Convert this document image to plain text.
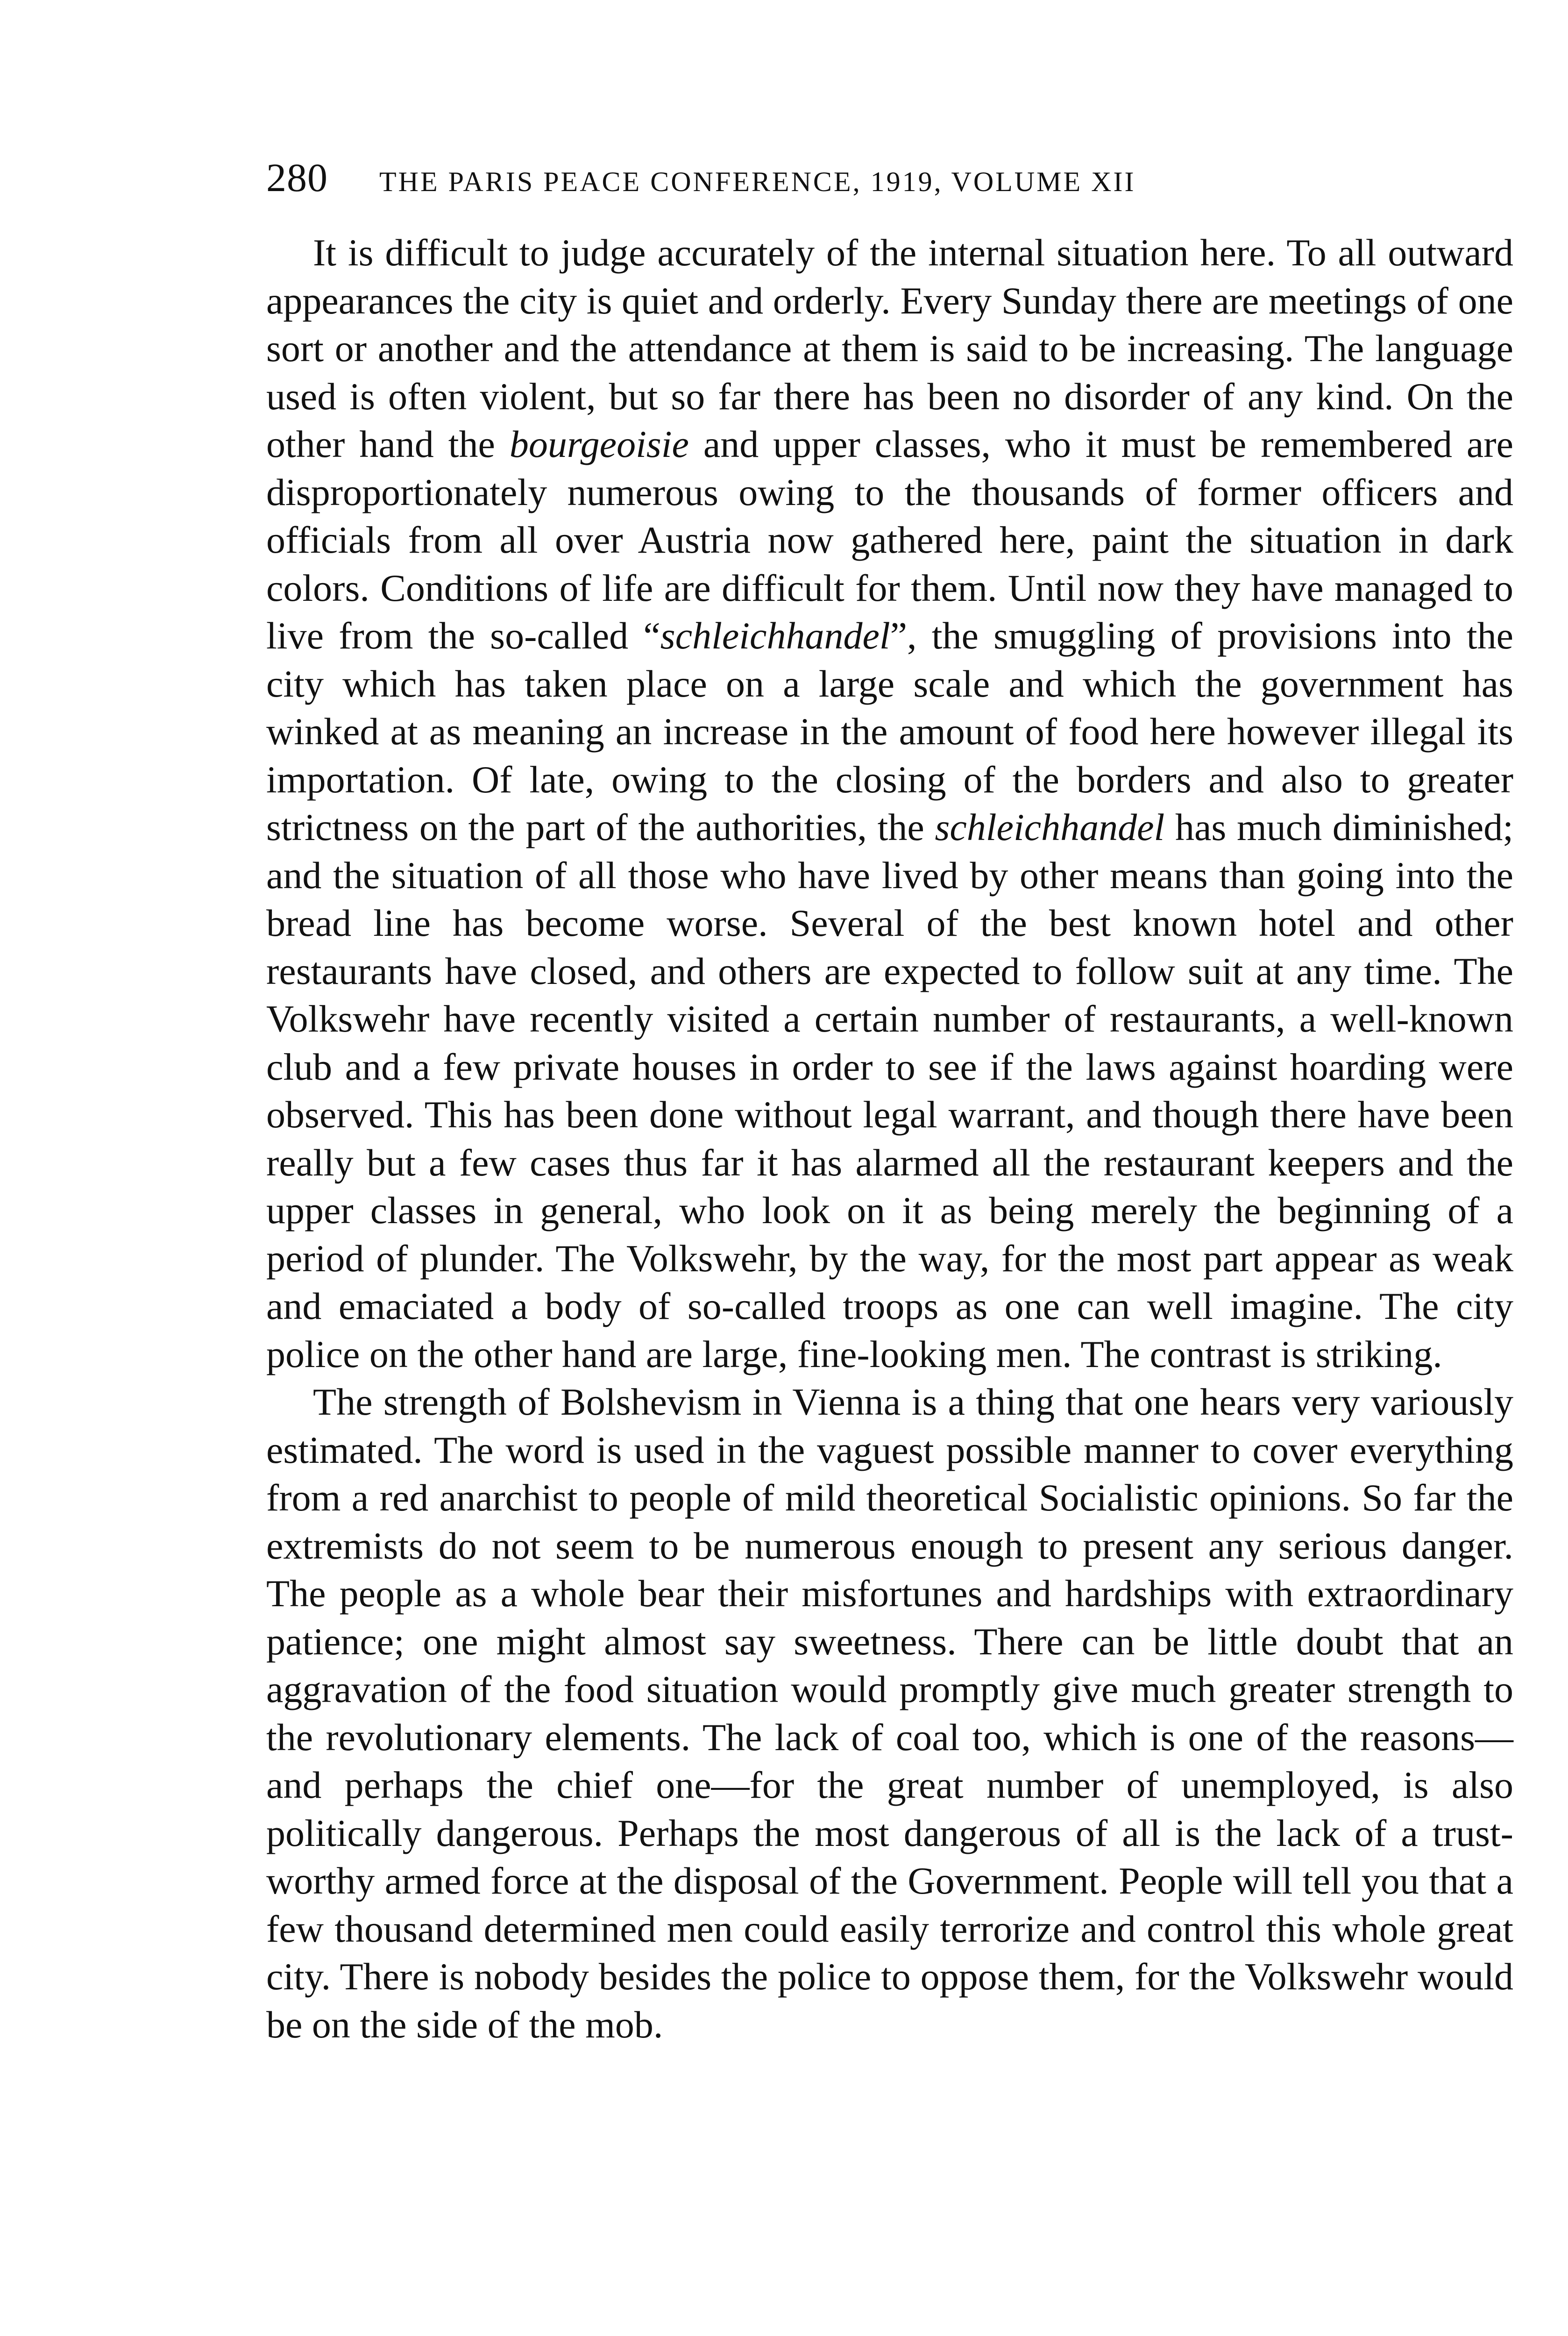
280 THE PARIS PEACE CONFERENCE, 1919, VOLUME XII

It is difficult to judge accurately of the internal situation here. To all outward appearances the city is quiet and orderly. Every Sunday there are meetings of one sort or another and the attendance at them is said to be increasing. The language used is often violent, but so far there has been no disorder of any kind. On the other hand the bourgeoisie and upper classes, who it must be remembered are disproportionately numerous owing to the thousands of former officers and officials from all over Austria now gathered here, paint the situation in dark colors. Conditions of life are difficult for them. Until now they have managed to live from the so-called “schleichhandel”, the smuggling of provisions into the city which has taken place on a large scale and which the government has winked at as meaning an increase in the amount of food here however illegal its importation. Of late, owing to the closing of the borders and also to greater strictness on the part of the authorities, the schleichhandel has much diminished; and the situation of all those who have lived by other means than going into the bread line has become worse. Several of the best known hotel and other restaurants have closed, and others are expected to follow suit at any time. The Volkswehr have recently visited a certain number of restaurants, a well-known club and a few private houses in order to see if the laws against hoarding were observed. This has been done without legal warrant, and though there have been really but a few cases thus far it has alarmed all the restaurant keepers and the upper classes in general, who look on it as being merely the beginning of a period of plunder. The Volkswehr, by the way, for the most part appear as weak and emaciated a body of so-called troops as one can well imagine. The city police on the other hand are large, fine-looking men. The contrast is striking.

The strength of Bolshevism in Vienna is a thing that one hears very variously estimated. The word is used in the vaguest possible manner to cover everything from a red anarchist to people of mild theoretical Socialistic opinions. So far the extremists do not seem to be numerous enough to present any serious danger. The people as a whole bear their misfortunes and hardships with extraordinary patience; one might almost say sweetness. There can be little doubt that an aggravation of the food situation would promptly give much greater strength to the revolutionary elements. The lack of coal too, which is one of the reasons—and perhaps the chief one—for the great number of unemployed, is also politically dangerous. Perhaps the most dangerous of all is the lack of a trust-worthy armed force at the disposal of the Government. People will tell you that a few thousand determined men could easily terrorize and control this whole great city. There is nobody besides the police to oppose them, for the Volkswehr would be on the side of the mob.
